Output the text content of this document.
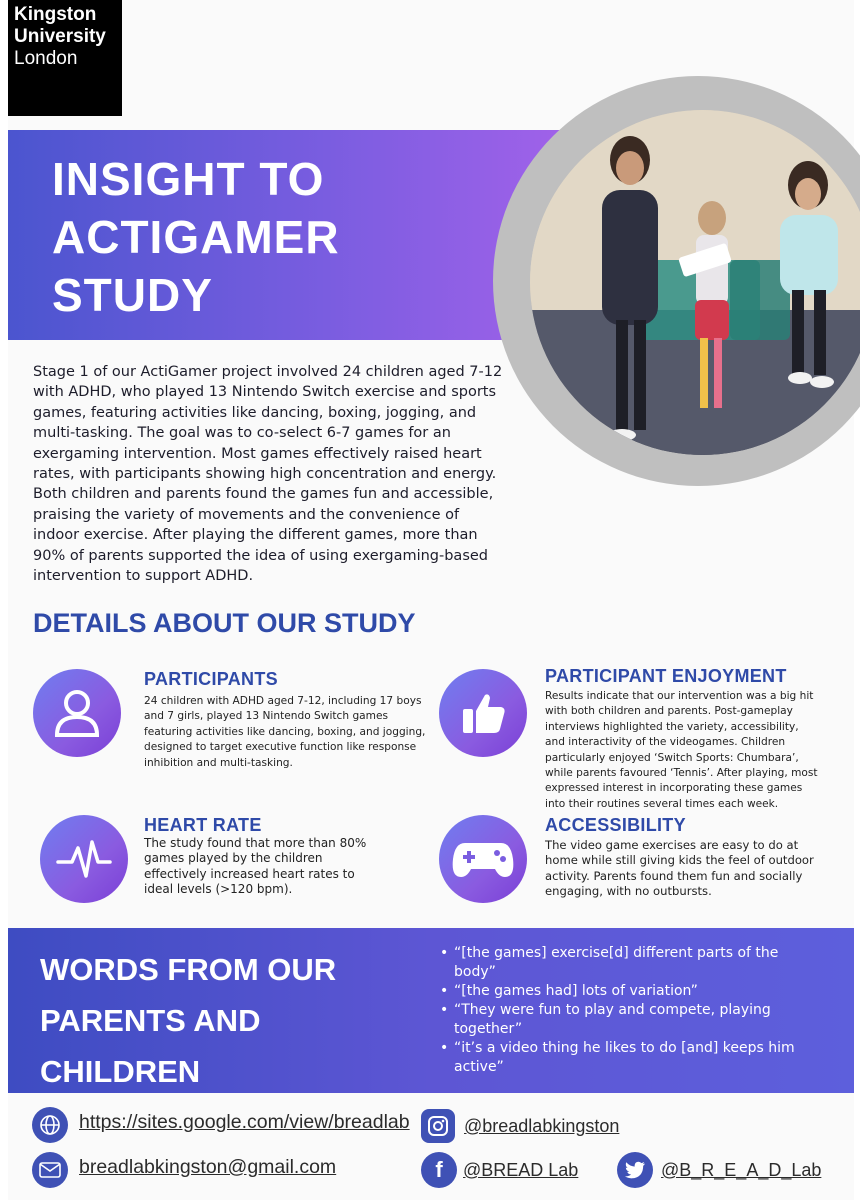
Kingston
University
London
INSIGHT TO ACTIGAMER STUDY
Stage 1 of our ActiGamer project involved 24 children aged 7-12 with ADHD, who played 13 Nintendo Switch exercise and sports games, featuring activities like dancing, boxing, jogging, and multi-tasking. The goal was to co-select 6-7 games for an exergaming intervention. Most games effectively raised heart rates, with participants showing high concentration and energy. Both children and parents found the games fun and accessible, praising the variety of movements and the convenience of indoor exercise. After playing the different games, more than 90% of parents supported the idea of using exergaming-based intervention to support ADHD.
DETAILS ABOUT OUR STUDY
PARTICIPANTS
24 children with ADHD aged 7-12, including 17 boys and 7 girls, played 13 Nintendo Switch games featuring activities like dancing, boxing, and jogging, designed to target executive function like response inhibition and multi-tasking.
PARTICIPANT ENJOYMENT
Results indicate that our intervention was a big hit with both children and parents. Post-gameplay interviews highlighted the variety, accessibility, and interactivity of the videogames. Children particularly enjoyed ‘Switch Sports: Chumbara’, while parents favoured ‘Tennis’. After playing, most expressed interest in incorporating these games into their routines several times each week.
HEART RATE
The study found that more than 80% games played by the children effectively increased heart rates to ideal levels (>120 bpm).
ACCESSIBILITY
The video game exercises are easy to do at home while still giving kids the feel of outdoor activity. Parents found them fun and socially engaging, with no outbursts.
WORDS FROM OUR PARENTS AND CHILDREN
• “[the games] exercise[d] different parts of the body”
• “[the games had] lots of variation”
• “They were fun to play and compete, playing together”
• “it’s a video thing he likes to do [and] keeps him active”
https://sites.google.com/view/breadlab	@breadlabkingston
breadlabkingston@gmail.com	f @BREAD Lab	@B_R_E_A_D_Lab
